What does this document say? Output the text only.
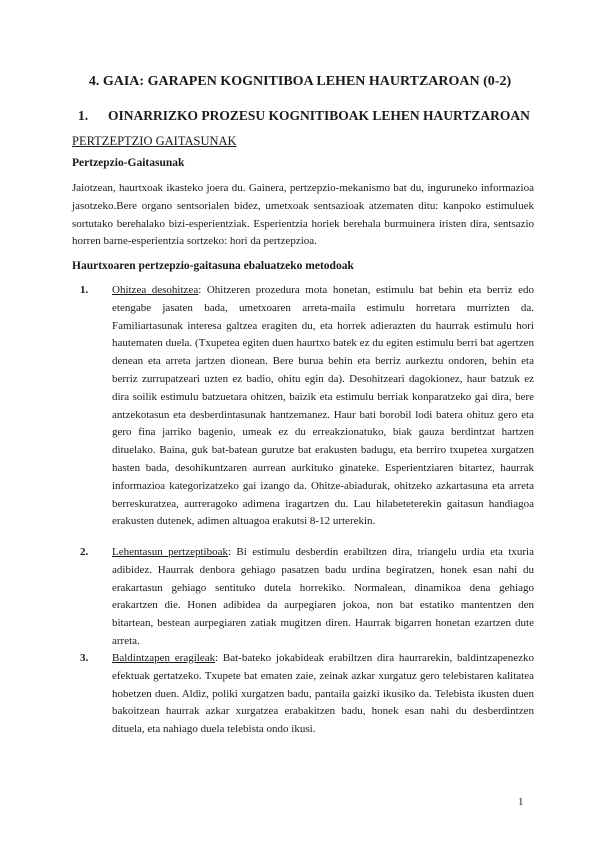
4. GAIA: GARAPEN KOGNITIBOA LEHEN HAURTZAROAN (0-2)
1. OINARRIZKO PROZESU KOGNITIBOAK LEHEN HAURTZAROAN
PERTZEPTZIO GAITASUNAK
Pertzepzio-Gaitasunak

Jaiotzean, haurtxoak ikasteko joera du. Gainera, pertzepzio-mekanismo bat du, inguruneko informazioa jasotzeko.Bere organo sentsorialen bidez, umetxoak sentsazioak atzematen ditu: kanpoko estimuluek sortutako berehalako bizi-esperientziak. Esperientzia horiek berehala burmuinera iristen dira, sentsazio horren barne-esperientzia sortzeko: hori da pertzepzioa.

Haurtxoaren pertzepzio-gaitasuna ebaluatzeko metodoak
1.	Ohitzea desohitzea: Ohitzeren prozedura mota honetan, estimulu bat behin eta berriz edo etengabe jasaten bada, umetxoaren arreta-maila estimulu horretara murrizten da. Familiartasunak interesa galtzea eragiten du, eta horrek adierazten du haurrak estimulu hori hautematen duela. (Txupetea egiten duen haurtxo batek ez du egiten estimulu berri bat agertzen denean eta arreta jartzen dionean. Bere burua behin eta berriz aurkeztu ondoren, behin eta berriz zurrupatzeari uzten ez badio, ohitu egin da). Desohitzeari dagokionez, haur batzuk ez dira soilik estimulu batzuetara ohitzen, baizik eta estimulu berriak konparatzeko gai dira, bere antzekotasun eta desberdintasunak hantzemanez. Haur bati borobil lodi batera ohituz gero eta gero fina jarriko bagenio, umeak ez du erreakzionatuko, biak gauza berdintzat hartzen dituelako. Baina, guk bat-batean gurutze bat erakusten badugu, eta berriro txupetea xurgatzen hasten bada, desohikuntzaren aurrean aurkituko ginateke. Esperientziaren bitartez, haurrak informazioa kategorizatzeko gai izango da. Ohitze-abiadurak, ohitzeko azkartasuna eta arreta berreskuratzea, aurreragoko adimena iragartzen du. Lau hilabeteterekin gaitasun handiagoa erakusten dutenek, adimen altuagoa erakutsi 8-12 urterekin.
2.	Lehentasun pertzeptiboak: Bi estimulu desberdin erabiltzen dira, triangelu urdia eta txuria adibidez. Haurrak denbora gehiago pasatzen badu urdina begiratzen, honek esan nahi du erakartasun gehiago sentituko dutela horrekiko. Normalean, dinamikoa dena gehiago erakartzen die. Honen adibidea da aurpegiaren jokoa, non bat estatiko mantentzen den bitartean, bestean aurpegiaren zatiak mugitzen diren. Haurrak bigarren honetan ezartzen dute arreta.
3.	Baldintzapen eragileak: Bat-bateko jokabideak erabiltzen dira haurrarekin, baldintzapenezko efektuak gertatzeko. Txupete bat ematen zaie, zeinak azkar xurgatuz gero telebistaren kalitatea hobetzen duen. Aldiz, poliki xurgatzen badu, pantaila gaizki ikusiko da. Telebista ikusten duen bakoitzean haurrak azkar xurgatzea erabakitzen badu, honek esan nahi du desberdintzen dituela, eta nahiago duela telebista ondo ikusi.
1
